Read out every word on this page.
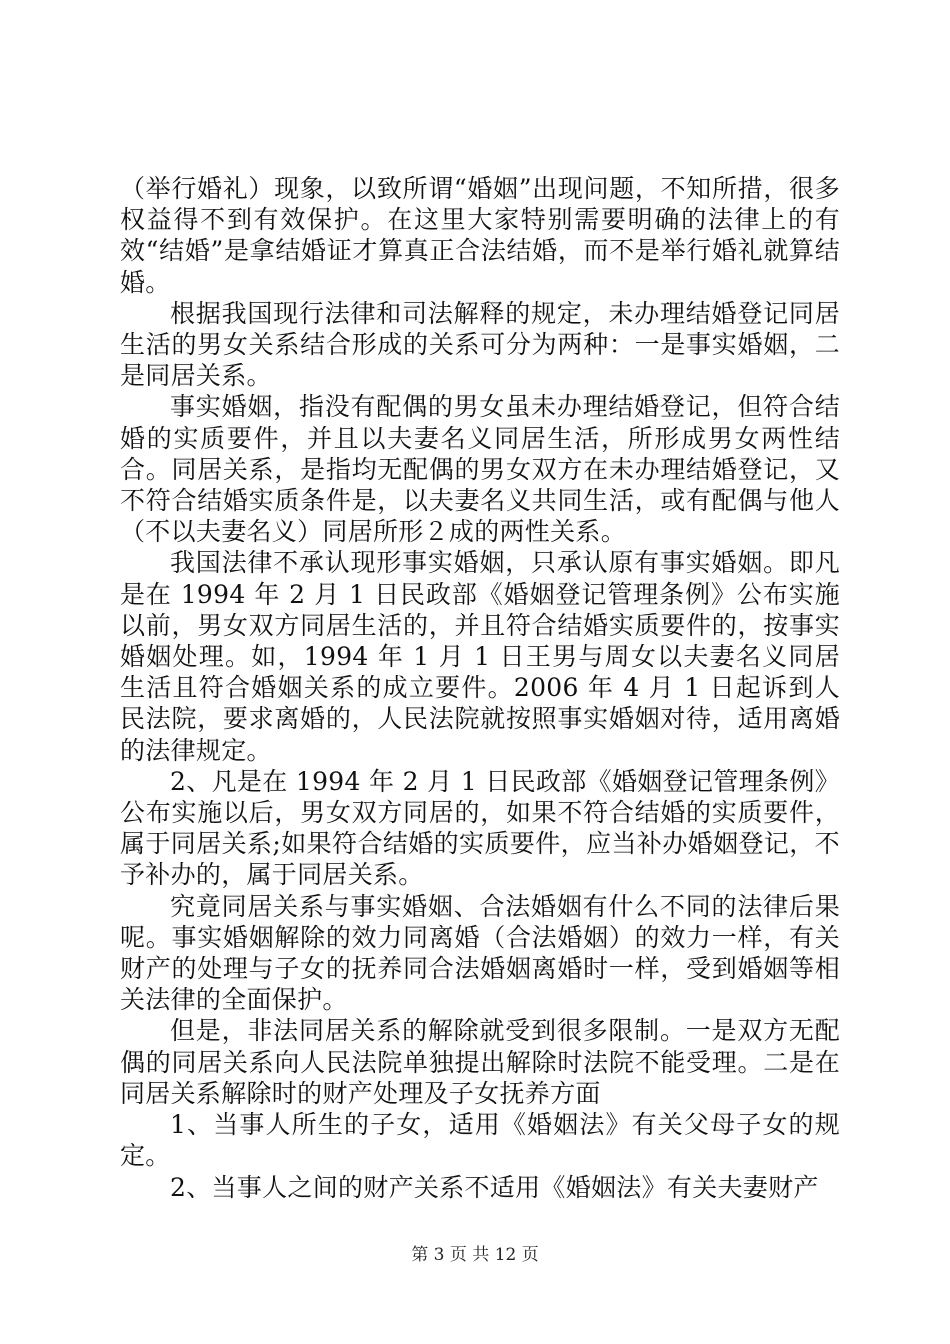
（举行婚礼）现象，以致所谓“婚姻”出现问题，不知所措，很多权益得不到有效保护。在这里大家特别需要明确的法律上的有效“结婚”是拿结婚证才算真正合法结婚，而不是举行婚礼就算结婚。

根据我国现行法律和司法解释的规定，未办理结婚登记同居生活的男女关系结合形成的关系可分为两种：一是事实婚姻，二是同居关系。

事实婚姻，指没有配偶的男女虽未办理结婚登记，但符合结婚的实质要件，并且以夫妻名义同居生活，所形成男女两性结合。同居关系，是指均无配偶的男女双方在未办理结婚登记，又不符合结婚实质条件是，以夫妻名义共同生活，或有配偶与他人（不以夫妻名义）同居所形２成的两性关系。

我国法律不承认现形事实婚姻，只承认原有事实婚姻。即凡是在 1994 年 2 月 1 日民政部《婚姻登记管理条例》公布实施以前，男女双方同居生活的，并且符合结婚实质要件的，按事实婚姻处理。如，1994 年 1 月 1 日王男与周女以夫妻名义同居生活且符合婚姻关系的成立要件。2006 年 4 月 1 日起诉到人民法院，要求离婚的，人民法院就按照事实婚姻对待，适用离婚的法律规定。

2、凡是在 1994 年 2 月 1 日民政部《婚姻登记管理条例》公布实施以后，男女双方同居的，如果不符合结婚的实质要件，属于同居关系;如果符合结婚的实质要件，应当补办婚姻登记，不予补办的，属于同居关系。

究竟同居关系与事实婚姻、合法婚姻有什么不同的法律后果呢。事实婚姻解除的效力同离婚（合法婚姻）的效力一样，有关财产的处理与子女的抚养同合法婚姻离婚时一样，受到婚姻等相关法律的全面保护。

但是，非法同居关系的解除就受到很多限制。一是双方无配偶的同居关系向人民法院单独提出解除时法院不能受理。二是在同居关系解除时的财产处理及子女抚养方面

1、当事人所生的子女，适用《婚姻法》有关父母子女的规定。

2、当事人之间的财产关系不适用《婚姻法》有关夫妻财产

第 3 页 共 12 页
